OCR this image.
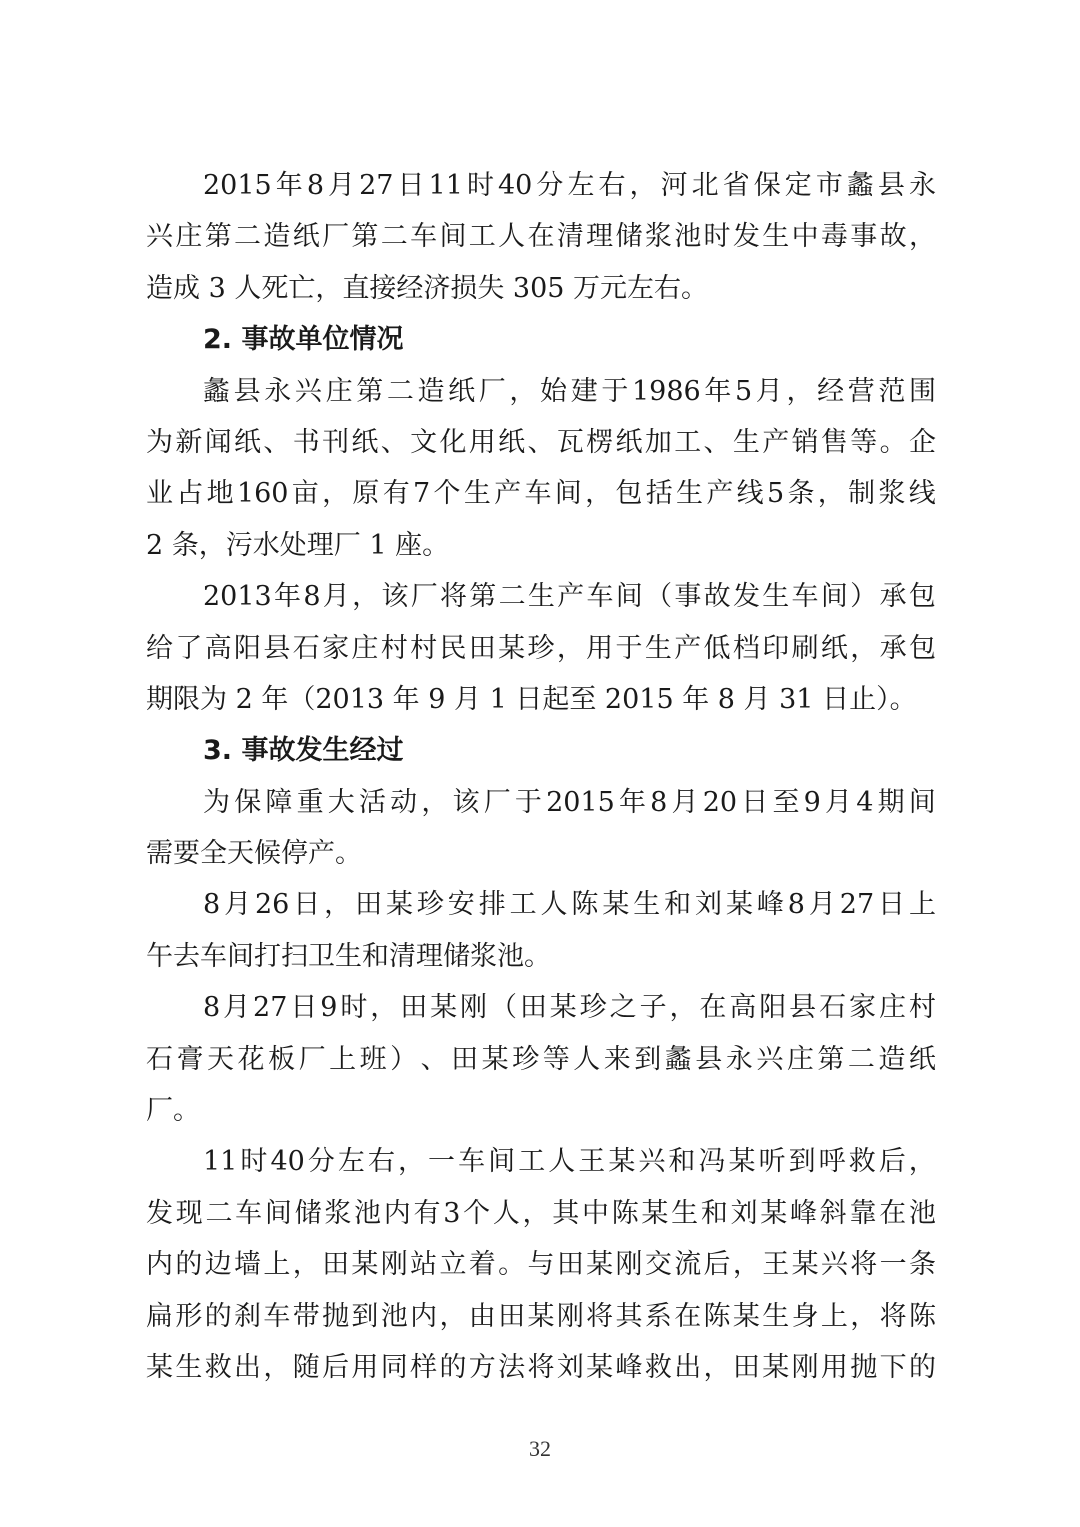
2015 年 8 月 27 日 11 时 40 分 左 右 ， 河 北 省 保 定 市 蠡 县 永
兴 庄 第 二 造 纸 厂 第 二 车 间 工 人 在 清 理 储 浆 池 时 发 生 中 毒 事 故 ，
造成 3 人死亡，直接经济损失 305 万元左右。
2. 事故单位情况
蠡 县 永 兴 庄 第 二 造 纸 厂 ， 始 建 于 1986 年 5 月 ， 经 营 范 围
为 新 闻 纸 、 书 刊 纸 、 文 化 用 纸 、 瓦 楞 纸 加 工 、 生 产 销 售 等 。 企
业 占 地 160 亩 ， 原 有 7 个 生 产 车 间 ， 包 括 生 产 线 5 条 ， 制 浆 线
2 条，污水处理厂 1 座。
2013 年 8 月 ， 该 厂 将 第 二 生 产 车 间 （ 事 故 发 生 车 间 ） 承 包
给 了 高 阳 县 石 家 庄 村 村 民 田 某 珍 ， 用 于 生 产 低 档 印 刷 纸 ， 承 包
期限为 2 年（2013 年 9 月 1 日起至 2015 年 8 月 31 日止）。
3. 事故发生经过
为 保 障 重 大 活 动 ， 该 厂 于 2015 年 8 月 20 日 至 9 月 4 期 间
需要全天候停产。
8 月 26 日 ， 田 某 珍 安 排 工 人 陈 某 生 和 刘 某 峰 8 月 27 日 上
午去车间打扫卫生和清理储浆池。
8 月 27 日 9 时 ， 田 某 刚 （ 田 某 珍 之 子 ， 在 高 阳 县 石 家 庄 村
石 膏 天 花 板 厂 上 班 ） 、 田 某 珍 等 人 来 到 蠡 县 永 兴 庄 第 二 造 纸
厂。
11 时 40 分 左 右 ， 一 车 间 工 人 王 某 兴 和 冯 某 听 到 呼 救 后 ，
发 现 二 车 间 储 浆 池 内 有 3 个 人 ， 其 中 陈 某 生 和 刘 某 峰 斜 靠 在 池
内 的 边 墙 上 ， 田 某 刚 站 立 着 。 与 田 某 刚 交 流 后 ， 王 某 兴 将 一 条
扁 形 的 刹 车 带 抛 到 池 内 ， 由 田 某 刚 将 其 系 在 陈 某 生 身 上 ， 将 陈
某 生 救 出 ， 随 后 用 同 样 的 方 法 将 刘 某 峰 救 出 ， 田 某 刚 用 抛 下 的
32
